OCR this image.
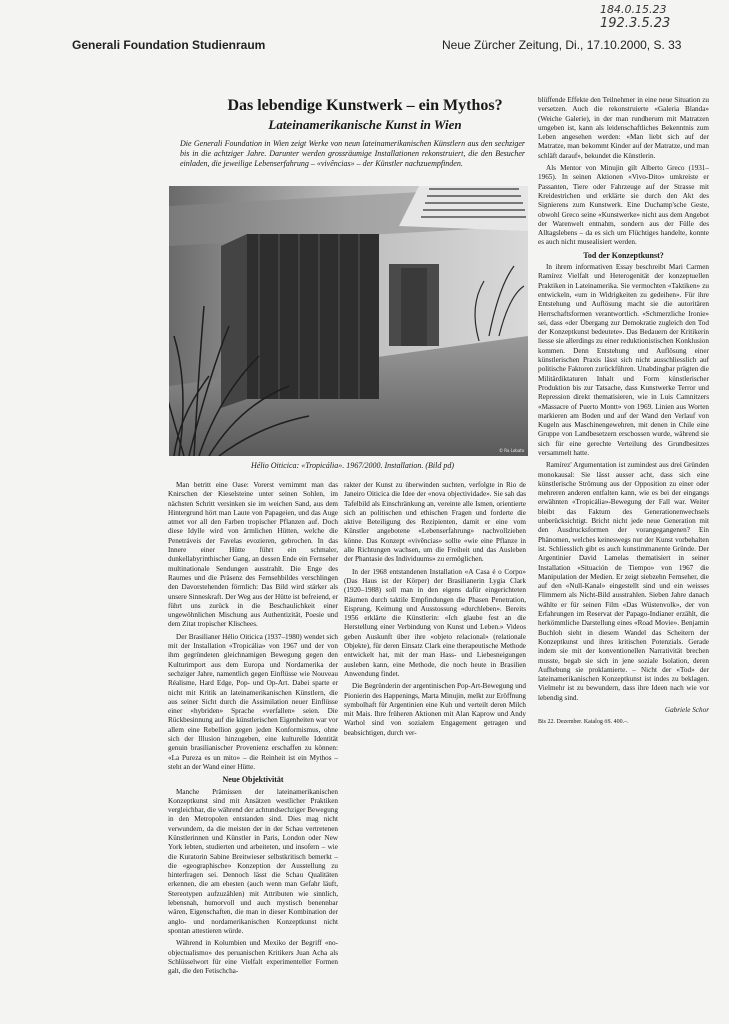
184.0.15.23
192.3.5.23
Generali Foundation Studienraum	Neue Zürcher Zeitung, Di., 17.10.2000, S. 33
Das lebendige Kunstwerk – ein Mythos?
Lateinamerikanische Kunst in Wien
Die Generali Foundation in Wien zeigt Werke von neun lateinamerikanischen Künstlern aus den sechziger bis in die achtziger Jahre. Darunter werden grossräumige Installationen rekonstruiert, die den Besucher einladen, die jeweilige Lebenserfahrung – «vivências» – der Künstler nachzuempfinden.
© Ra Lobato
Hélio Oiticica: «Tropicália». 1967/2000. Installation. (Bild pd)

Man betritt eine Oase: Vorerst vernimmt man das Knirschen der Kieselsteine unter seinen Sohlen, im nächsten Schritt versinken sie im weichen Sand, aus dem Hintergrund hört man Laute von Papageien, und das Auge atmet vor all den Farben tropischer Pflanzen auf. Doch diese Idylle wird von ärmlichen Hütten, welche die Penetráveis der Favelas evozieren, gebrochen. In das Innere einer Hütte führt ein schmaler, dunkellabyrinthischer Gang, an dessen Ende ein Fernseher multinationale Sendungen ausstrahlt. Die Enge des Raumes und die Präsenz des Fernsehbildes verschlingen den Davorstehenden förmlich: Das Bild wird stärker als unsere Sinneskraft. Der Weg aus der Hütte ist befreiend, er führt uns zurück in die Beschaulichkeit einer ungewöhnlichen Mischung aus Authentizität, Poesie und dem Zitat tropischer Klischees.

Der Brasilianer Hélio Oiticica (1937–1980) wendet sich mit der Installation «Tropicália» von 1967 und der von ihm gegründeten gleichnamigen Bewegung gegen den Kulturimport aus dem Europa und Nordamerika der sechziger Jahre, namentlich gegen Einflüsse wie Nouveau Réalisme, Hard Edge, Pop- und Op-Art. Dabei sparte er nicht mit Kritik an lateinamerikanischen Künstlern, die aus seiner Sicht durch die Assimilation neuer Einflüsse einer «hybriden» Sprache «verfallen» seien. Die Rückbesinnung auf die künstlerischen Eigenheiten war vor allem eine Rebellion gegen jeden Konformismus, ohne sich der Illusion hinzugeben, eine kulturelle Identität genuin brasilianischer Provenienz erschaffen zu können: «La Pureza es un mito» – die Reinheit ist ein Mythos – steht an der Wand einer Hütte.

Neue Objektivität

Manche Prämissen der lateinamerikanischen Konzeptkunst sind mit Ansätzen westlicher Praktiken vergleichbar, die während der achtundsechziger Bewegung in den Metropolen entstanden sind. Dies mag nicht verwundern, da die meisten der in der Schau vertretenen Künstlerinnen und Künstler in Paris, London oder New York lebten, studierten und arbeiteten, und insofern – wie die Kuratorin Sabine Breitwieser selbstkritisch bemerkt – die «geographische» Konzeption der Ausstellung zu hinterfragen sei. Dennoch lässt die Schau Qualitäten erkennen, die am ehesten (auch wenn man Gefahr läuft, Stereotypen aufzuzählen) mit Attributen wie sinnlich, lebensnah, humorvoll und auch mystisch benennbar wären, Eigenschaften, die man in dieser Kombination der anglo- und nordamerikanischen Konzeptkunst nicht spontan attestieren würde.

Während in Kolumbien und Mexiko der Begriff «no-objectualismo» des peruanischen Kritikers Juan Acha als Schlüsselwort für eine Vielfalt experimenteller Formen galt, die den Fetischcha-

rakter der Kunst zu überwinden suchten, verfolgte in Rio de Janeiro Oiticica die Idee der «nova objectividade». Sie sah das Tafelbild als Einschränkung an, vereinte alle Ismen, orientierte sich an politischen und ethischen Fragen und forderte die aktive Beteiligung des Rezipienten, damit er eine vom Künstler angebotene «Lebenserfahrung» nachvollziehen könne. Das Konzept «vivências» sollte «wie eine Pflanze in alle Richtungen wachsen, um die Freiheit und das Ausleben der Phantasie des Individuums» zu ermöglichen.

In der 1968 entstandenen Installation «A Casa é o Corpo» (Das Haus ist der Körper) der Brasilianerin Lygia Clark (1920–1988) soll man in den eigens dafür eingerichteten Räumen durch taktile Empfindungen die Phasen Penetration, Eisprung, Keimung und Ausstossung «durchleben». Bereits 1956 erklärte die Künstlerin: «Ich glaube fest an die Herstellung einer Verbindung von Kunst und Leben.» Videos geben Auskunft über ihre «objeto relacional» (relationale Objekte), für deren Einsatz Clark eine therapeutische Methode entwickelt hat, mit der man Hass- und Liebesneigungen ausleben kann, eine Methode, die noch heute in Brasilien Anwendung findet.

Die Begründerin der argentinischen Pop-Art-Bewegung und Pionierin des Happenings, Marta Minujin, melkt zur Eröffnung symbolhaft für Argentinien eine Kuh und verteilt deren Milch mit Mais. Ihre früheren Aktionen mit Alan Kaprow und Andy Warhol sind von sozialem Engagement getragen und beabsichtigen, durch ver-

blüffende Effekte den Teilnehmer in eine neue Situation zu versetzen. Auch die rekonstruierte «Galeria Blanda» (Weiche Galerie), in der man rundherum mit Matratzen umgeben ist, kann als leidenschaftliches Bekenntnis zum Leben angesehen werden: «Man liebt sich auf der Matratze, man bekommt Kinder auf der Matratze, und man schläft darauf», bekundet die Künstlerin.

Als Mentor von Minujin gilt Alberto Greco (1931–1965). In seinen Aktionen «Vivo-Dito» umkreiste er Passanten, Tiere oder Fahrzeuge auf der Strasse mit Kreidestrichen und erklärte sie durch den Akt des Signierens zum Kunstwerk. Eine Duchamp'sche Geste, obwohl Greco seine «Kunstwerke» nicht aus dem Angebot der Warenwelt entnahm, sondern aus der Fülle des Alltagslebens – da es sich um Flüchtiges handelte, konnte es auch nicht musealisiert werden.

Tod der Konzeptkunst?

In ihrem informativen Essay beschreibt Mari Carmen Ramírez Vielfalt und Heterogenität der konzeptuellen Praktiken in Lateinamerika. Sie vermochten «Taktiken» zu entwickeln, «um in Widrigkeiten zu gedeihen». Für ihre Entstehung und Auflösung macht sie die autoritären Herrschaftsformen verantwortlich. «Schmerzliche Ironie» sei, dass «der Übergang zur Demokratie zugleich den Tod der Konzeptkunst bedeutete». Das Bedauern der Kritikerin liesse sie allerdings zu einer reduktionistischen Konklusion kommen. Denn Entstehung und Auflösung einer künstlerischen Praxis lässt sich nicht ausschliesslich auf politische Faktoren zurückführen. Unabdingbar prägten die Militärdiktaturen Inhalt und Form künstlerischer Produktion bis zur Tatsache, dass Kunstwerke Terror und Repression direkt thematisieren, wie in Luis Camnitzers «Massacre of Puerto Montt» von 1969. Linien aus Worten markieren am Boden und auf der Wand den Verlauf von Kugeln aus Maschinengewehren, mit denen in Chile eine Gruppe von Landbesetzern erschossen wurde, während sie sich für eine gerechte Verteilung des Grundbesitzes versammelt hatte.

Ramírez' Argumentation ist zumindest aus drei Gründen monokausal: Sie lässt ausser acht, dass sich eine künstlerische Strömung aus der Opposition zu einer oder mehreren anderen entfalten kann, wie es bei der eingangs erwähnten «Tropicália»-Bewegung der Fall war. Weiter bleibt das Faktum des Generationenwechsels unberücksichtigt. Bricht nicht jede neue Generation mit den Ausdrucksformen der vorangegangenen? Ein Phänomen, welches keineswegs nur der Kunst vorbehalten ist. Schliesslich gibt es auch kunstimmanente Gründe. Der Argentinier David Lamelas thematisiert in seiner Installation «Situación de Tiempo» von 1967 die Manipulation der Medien. Er zeigt siebzehn Fernseher, die auf den «Null-Kanal» eingestellt sind und ein weisses Flimmern als Nicht-Bild ausstrahlen. Sieben Jahre danach wählte er für seinen Film «Das Wüstenvolk», der von Erfahrungen im Reservat der Papago-Indianer erzählt, die herkömmliche Darstellung eines «Road Movie». Benjamin Buchloh sieht in diesem Wandel das Scheitern der Konzeptkunst und ihres kritischen Potenzials. Gerade indem sie mit der konventionellen Narrativität brechen musste, begab sie sich in jene soziale Isolation, deren Aufhebung sie proklamierte. – Nicht der «Tod» der lateinamerikanischen Konzeptkunst ist indes zu beklagen. Vielmehr ist zu bewundern, dass ihre Ideen nach wie vor lebendig sind.

Gabriele Schor

Bis 22. Dezember. Katalog öS. 400.–.
